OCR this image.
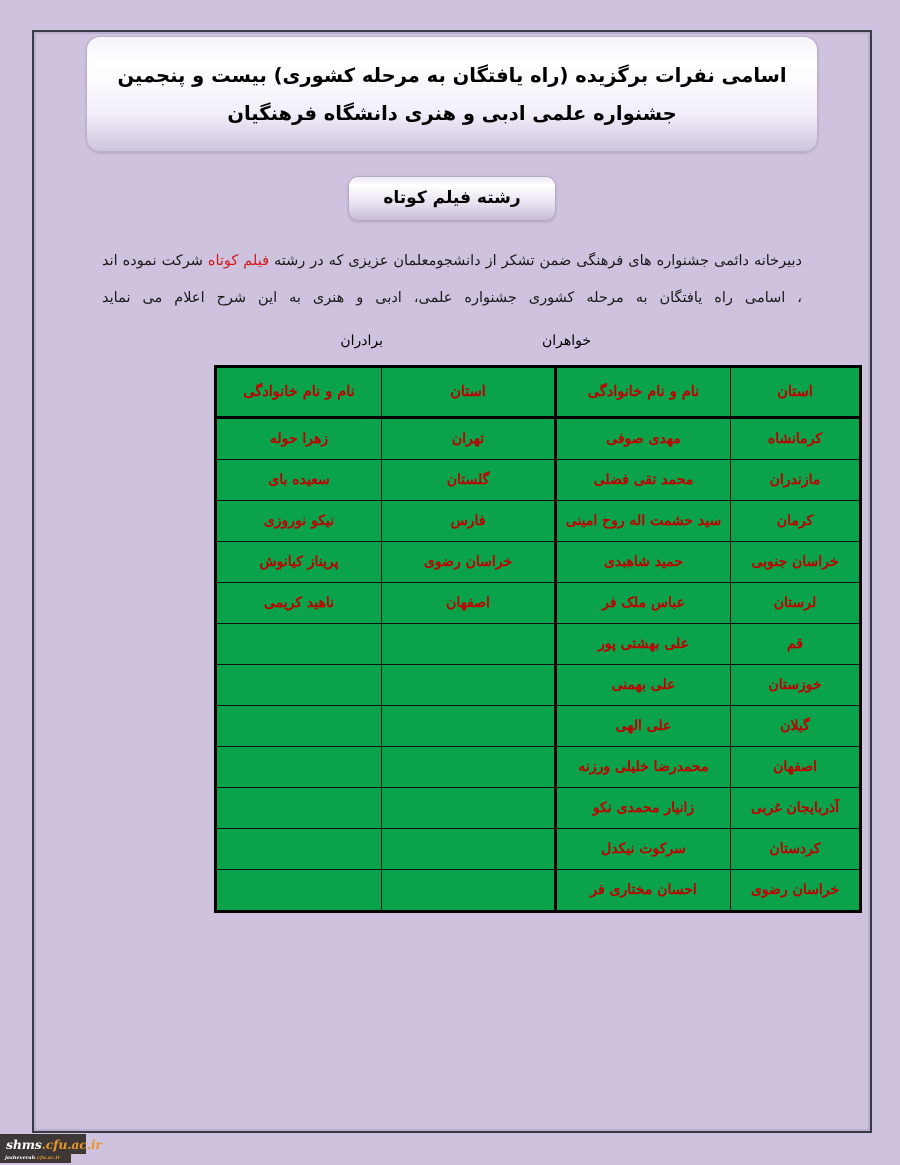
اسامی نفرات برگزیده (راه یافتگان به مرحله کشوری) بیست و پنجمین
جشنواره علمی ادبی و هنری دانشگاه فرهنگیان
رشته فیلم کوتاه

دبیرخانه دائمی جشنواره های فرهنگی ضمن تشکر از دانشجومعلمان عزیزی که در رشته فیلم کوتاه شرکت نموده اند ، اسامی راه یافتگان به مرحله کشوری جشنواره علمی، ادبی و هنری به این شرح اعلام می نماید

خواهران
برادران
استان	نام و نام خانوادگی	استان	نام و نام خانوادگی
کرمانشاه	مهدی صوفی	تهران	زهرا حوله
مازندران	محمد تقی فضلی	گلستان	سعیده بای
کرمان	سید حشمت اله روح امینی	فارس	نیکو نوروزی
خراسان جنوبی	حمید شاهبدی	خراسان رضوی	پریناز کیانوش
لرستان	عباس ملک فر	اصفهان	ناهید کریمی
قم	علی بهشتی پور		
خوزستان	علی بهمنی		
گیلان	علی الهی		
اصفهان	محمدرضا خلیلی ورزنه		
آذربایجان غربی	زانیار محمدی نکو		
کردستان	سرکوت نیکدل		
خراسان رضوی	احسان مختاری فر		
shms.cfu.ac.ir
jasheverah.cfu.ac.ir
